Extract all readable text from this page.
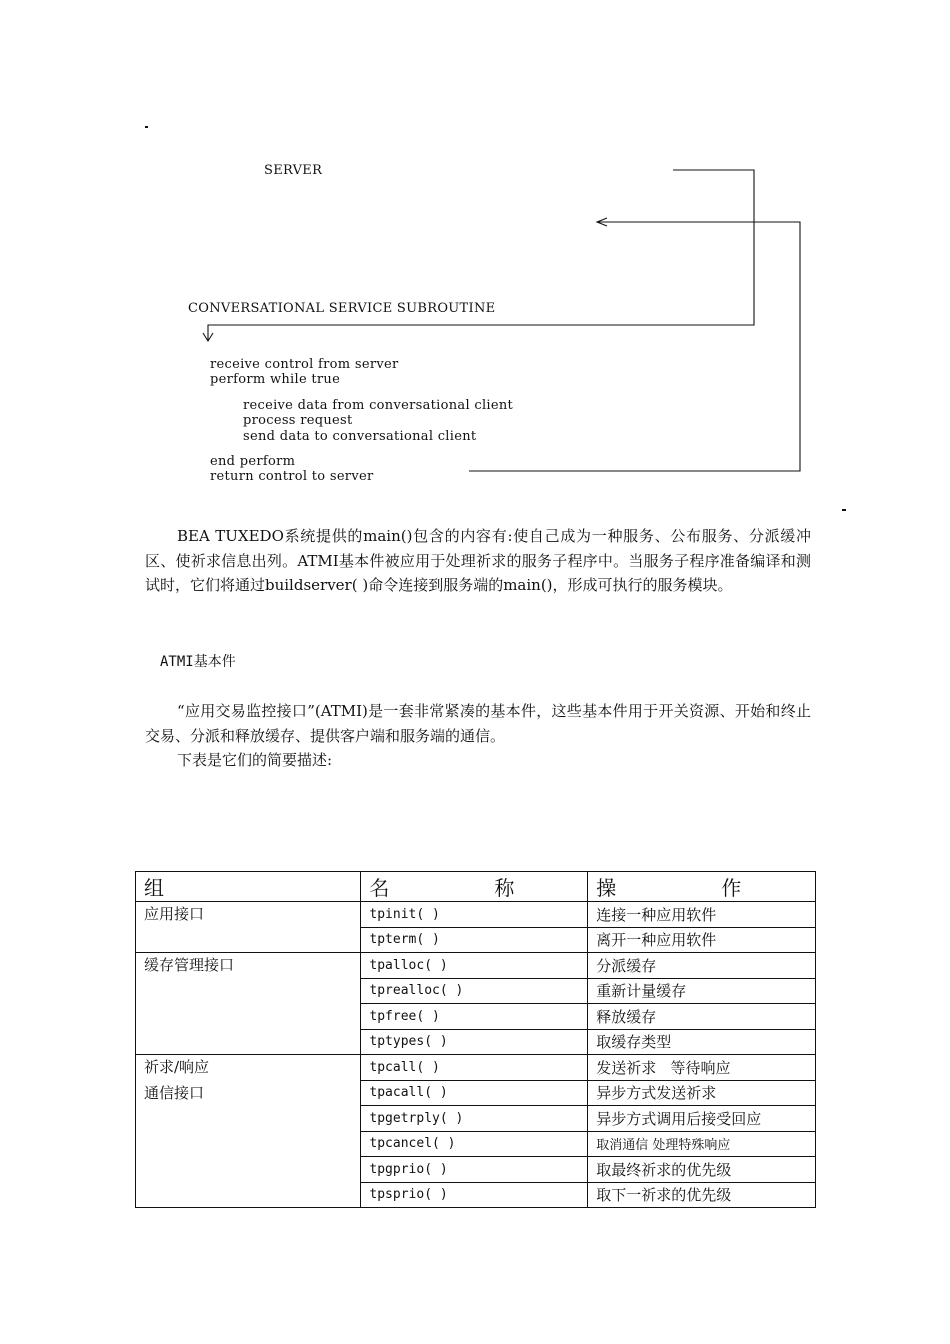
SERVER
CONVERSATIONAL SERVICE SUBROUTINE
receive control from server
perform while true
receive data from conversational client
process request
send data to conversational client
end perform
return control to server
BEA TUXEDO系统提供的main()包含的内容有:使自己成为一种服务、公布服务、分派缓冲区、使祈求信息出列。ATMI基本件被应用于处理祈求的服务子程序中。当服务子程序准备编译和测试时，它们将通过buildserver( )命令连接到服务端的main()，形成可执行的服务模块。
ATMI基本件
“应用交易监控接口”(ATMI)是一套非常紧凑的基本件，这些基本件用于开关资源、开始和终止交易、分派和释放缓存、提供客户端和服务端的通信。
下表是它们的简要描述:
组	名 称	操 作

应用接口	tpinit( )	连接一种应用软件
	tpterm( )	离开一种应用软件

缓存管理接口	tpalloc( )	分派缓存
	tprealloc( )	重新计量缓存
	tpfree( )	释放缓存
	tptypes( )	取缓存类型

祈求/响应
通信接口	tpcall( )	发送祈求   等待响应
	tpacall( )	异步方式发送祈求
	tpgetrply( )	异步方式调用后接受回应
	tpcancel( )	取消通信 处理特殊响应
	tpgprio( )	取最终祈求的优先级
	tpsprio( )	取下一祈求的优先级
